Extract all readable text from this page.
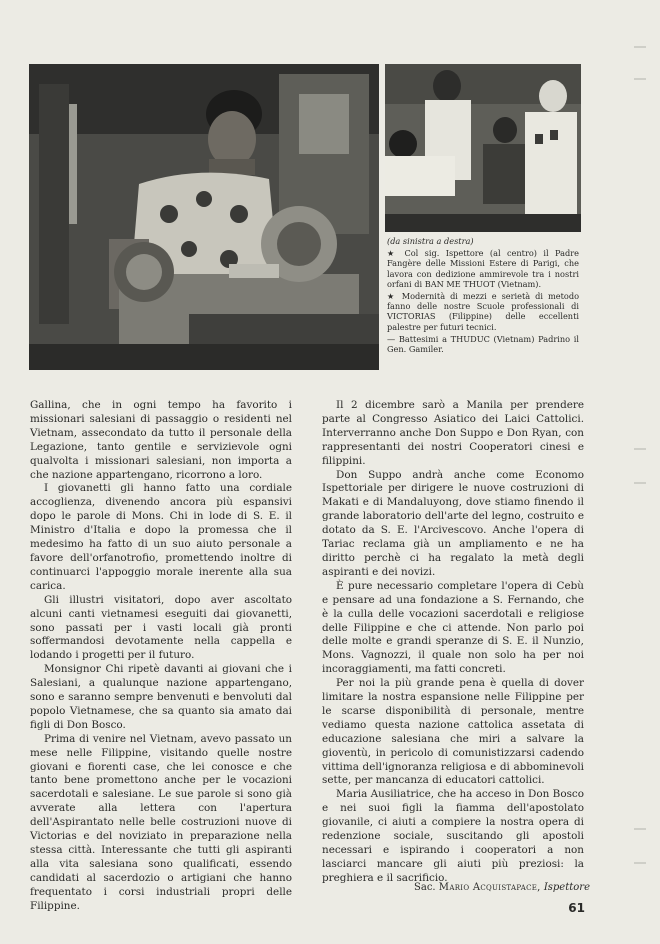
(da sinistra a destra)

★ Col sig. Ispettore (al centro) il Padre Fangère delle Missioni Estere di Parigi, che lavora con dedizione ammirevole tra i nostri orfani di BAN ME THUOT (Vietnam).

★ Modernità di mezzi e serietà di metodo fanno delle nostre Scuole professionali di VICTORIAS (Filippine) delle eccellenti palestre per futuri tecnici.

— Battesimi a THUDUC (Vietnam) Padrino il Gen. Gamiler.

Gallina, che in ogni tempo ha favorito i missionari salesiani di passaggio o residenti nel Vietnam, assecondato da tutto il personale della Legazione, tanto gentile e servizievole ogni qualvolta i missionari salesiani, non importa a che nazione appartengano, ricorrono a loro.

I giovanetti gli hanno fatto una cordiale accoglienza, divenendo ancora più espansivi dopo le parole di Mons. Chi in lode di S. E. il Ministro d'Italia e dopo la promessa che il medesimo ha fatto di un suo aiuto personale a favore dell'orfanotrofio, promettendo inoltre di continuarci l'appoggio morale inerente alla sua carica.

Gli illustri visitatori, dopo aver ascoltato alcuni canti vietnamesi eseguiti dai giovanetti, sono passati per i vasti locali già pronti soffermandosi devotamente nella cappella e lodando i progetti per il futuro.

Monsignor Chi ripetè davanti ai giovani che i Salesiani, a qualunque nazione appartengano, sono e saranno sempre benvenuti e benvoluti dal popolo Vietnamese, che sa quanto sia amato dai figli di Don Bosco.

Prima di venire nel Vietnam, avevo passato un mese nelle Filippine, visitando quelle nostre giovani e fiorenti case, che lei conosce e che tanto bene promettono anche per le vocazioni sacerdotali e salesiane. Le sue parole si sono già avverate alla lettera con l'apertura dell'Aspirantato nelle belle costruzioni nuove di Victorias e del noviziato in preparazione nella stessa città. Interessante che tutti gli aspiranti alla vita salesiana sono qualificati, essendo candidati al sacerdozio o artigiani che hanno frequentato i corsi industriali propri delle Filippine.

Il 2 dicembre sarò a Manila per prendere parte al Congresso Asiatico dei Laici Cattolici. Interverranno anche Don Suppo e Don Ryan, con rappresentanti dei nostri Cooperatori cinesi e filippini.

Don Suppo andrà anche come Economo Ispettoriale per dirigere le nuove costruzioni di Makati e di Mandaluyong, dove stiamo finendo il grande laboratorio dell'arte del legno, costruito e dotato da S. E. l'Arcivescovo. Anche l'opera di Tariac reclama già un ampliamento e ne ha diritto perchè ci ha regalato la metà degli aspiranti e dei novizi.

È pure necessario completare l'opera di Cebù e pensare ad una fondazione a S. Fernando, che è la culla delle vocazioni sacerdotali e religiose delle Filippine e che ci attende. Non parlo poi delle molte e grandi speranze di S. E. il Nunzio, Mons. Vagnozzi, il quale non solo ha per noi incoraggiamenti, ma fatti concreti.

Per noi la più grande pena è quella di dover limitare la nostra espansione nelle Filippine per le scarse disponibilità di personale, mentre vediamo questa nazione cattolica assetata di educazione salesiana che miri a salvare la gioventù, in pericolo di comunistizzarsi cadendo vittima dell'ignoranza religiosa e di abbominevoli sette, per mancanza di educatori cattolici.

Maria Ausiliatrice, che ha acceso in Don Bosco e nei suoi figli la fiamma dell'apostolato giovanile, ci aiuti a compiere la nostra opera di redenzione sociale, suscitando gli apostoli necessari e ispirando i cooperatori a non lasciarci mancare gli aiuti più preziosi: la preghiera e il sacrificio.

Sac. Mario Acquistapace, Ispettore
61
